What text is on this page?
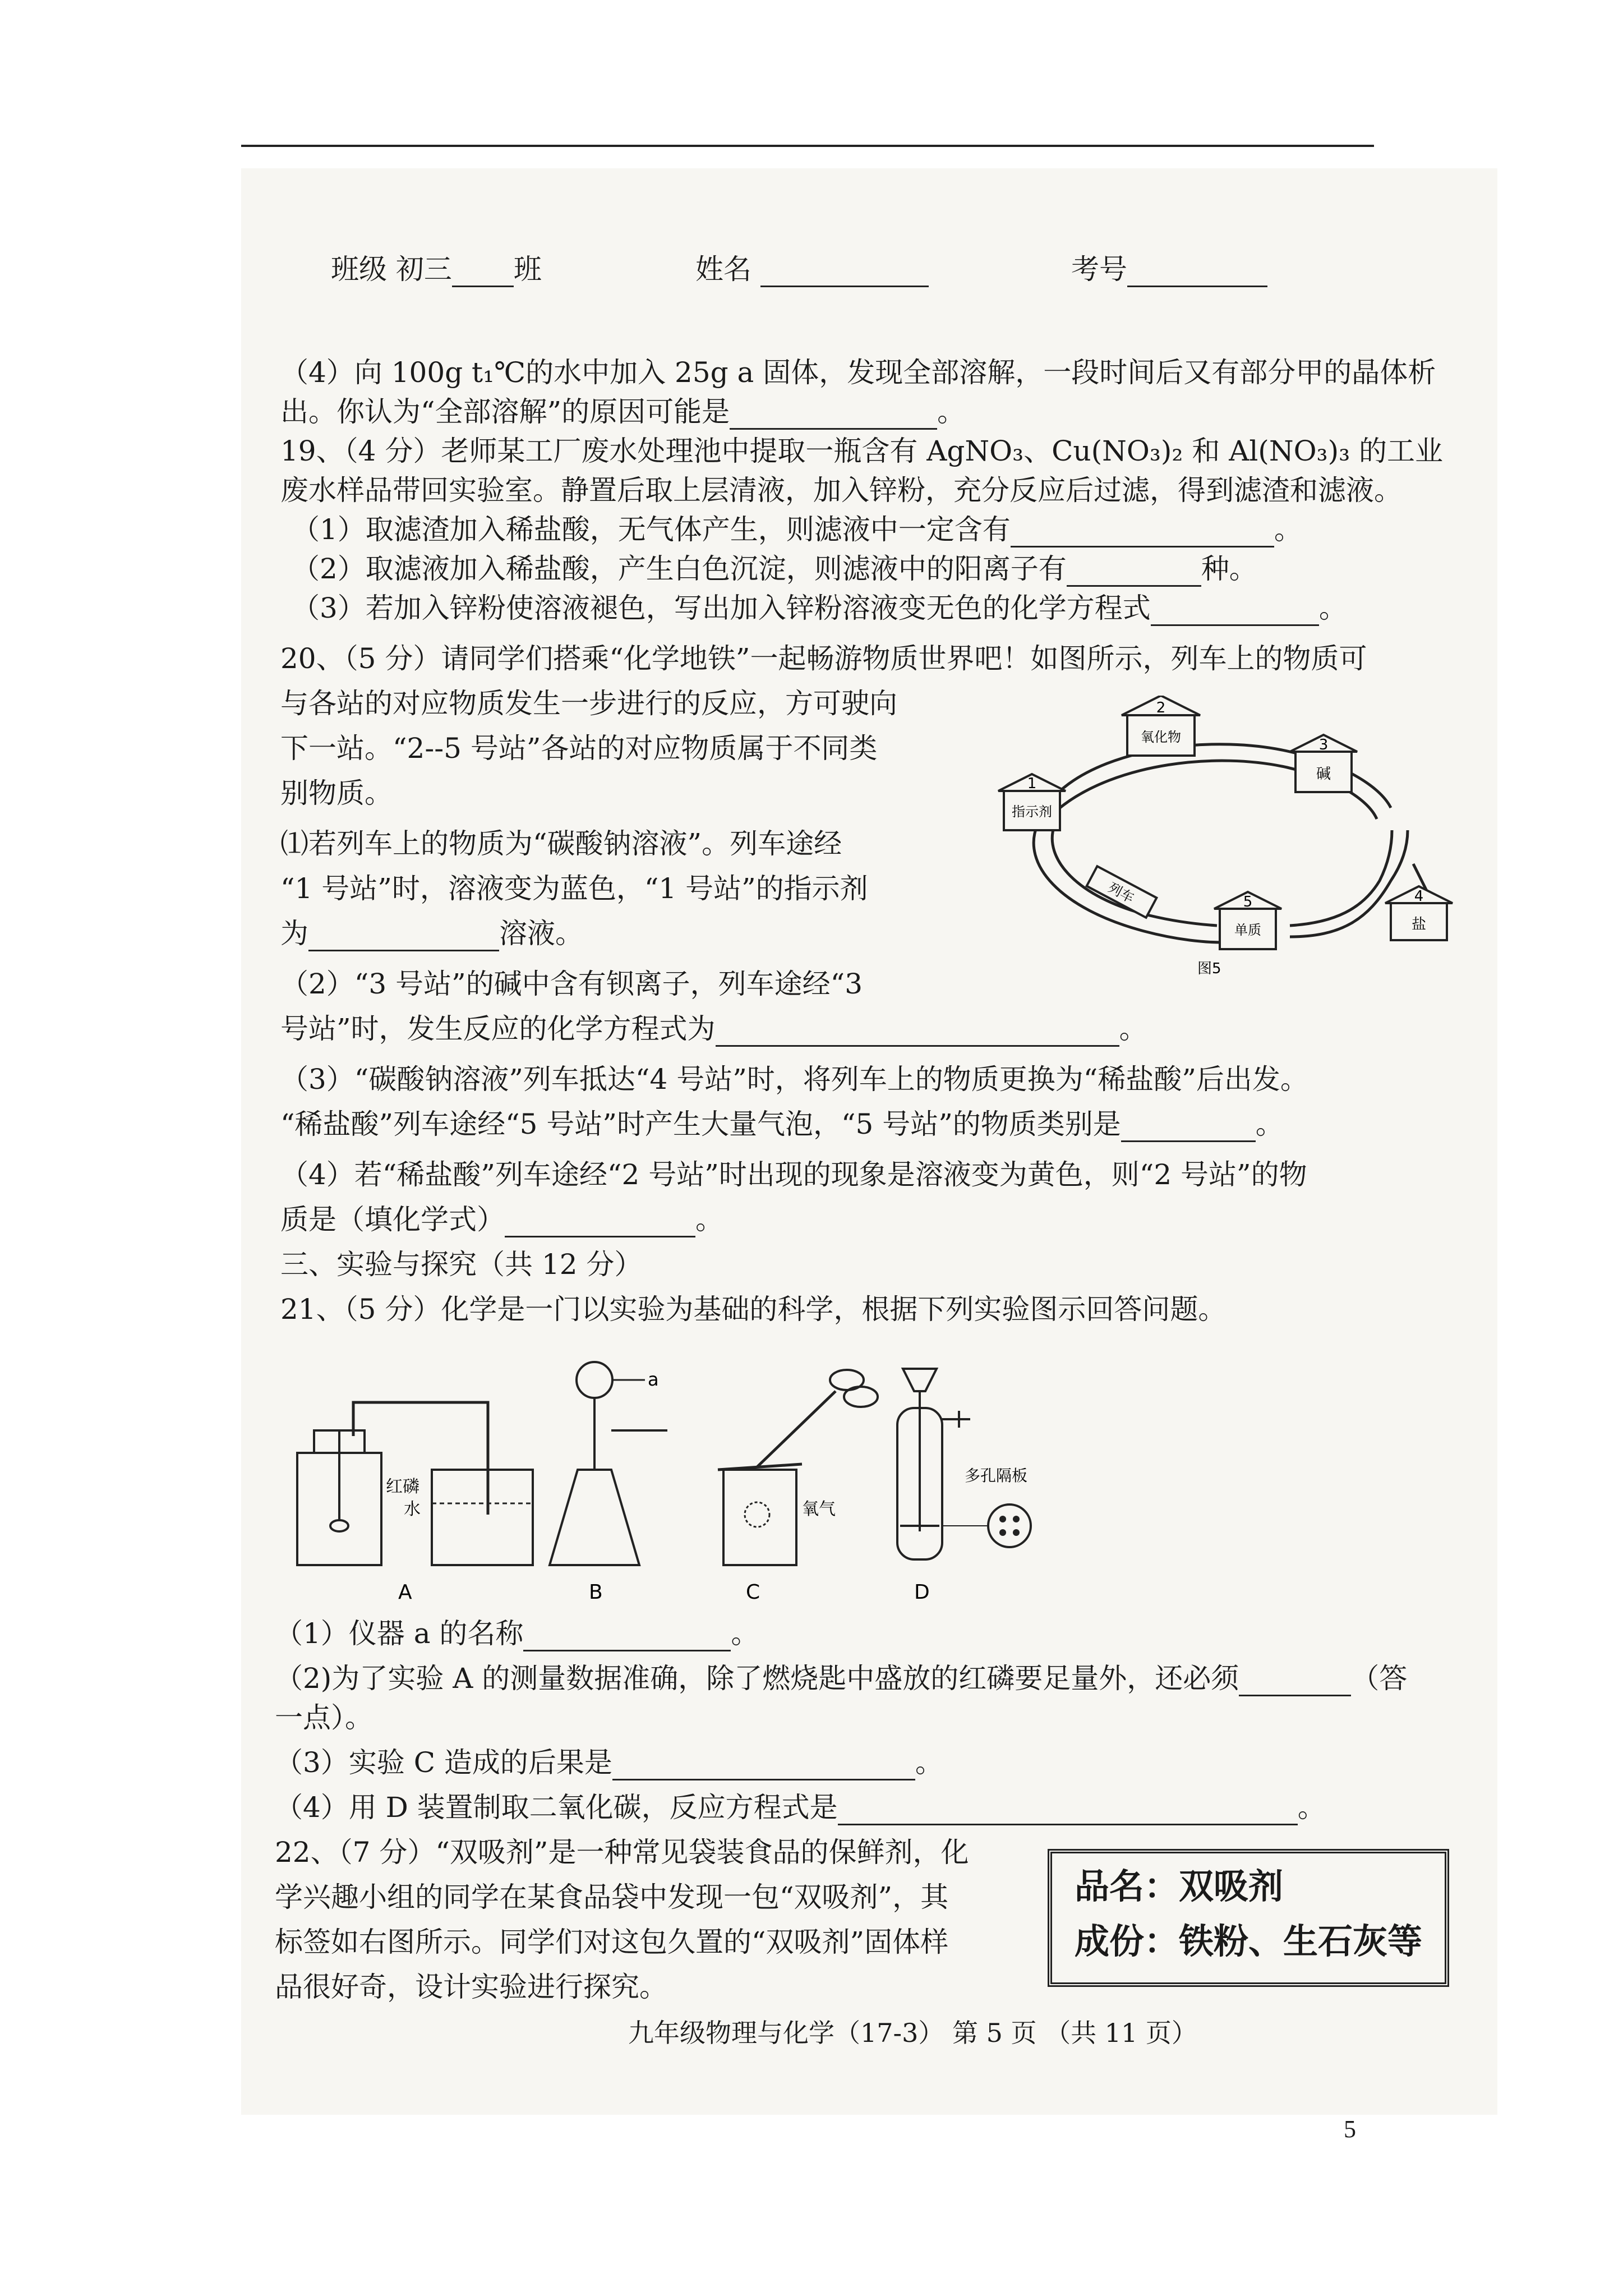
班级 初三 班	姓名	考号
（4）向 100g t₁℃的水中加入 25g a 固体，发现全部溶解，一段时间后又有部分甲的晶体析
出。你认为“全部溶解”的原因可能是	。
19、（4 分）老师某工厂废水处理池中提取一瓶含有 AgNO₃、Cu(NO₃)₂ 和 Al(NO₃)₃ 的工业
废水样品带回实验室。静置后取上层清液，加入锌粉，充分反应后过滤，得到滤渣和滤液。
（1）取滤渣加入稀盐酸，无气体产生，则滤液中一定含有	。
（2）取滤液加入稀盐酸，产生白色沉淀，则滤液中的阳离子有	种。
（3）若加入锌粉使溶液褪色，写出加入锌粉溶液变无色的化学方程式	。
20、（5 分）请同学们搭乘“化学地铁”一起畅游物质世界吧！如图所示，列车上的物质可
与各站的对应物质发生一步进行的反应，方可驶向
下一站。“2--5 号站”各站的对应物质属于不同类
别物质。
⑴若列车上的物质为“碳酸钠溶液”。列车途经
“1 号站”时，溶液变为蓝色，“1 号站”的指示剂
为	溶液。
（2）“3 号站”的碱中含有钡离子，列车途经“3
号站”时，发生反应的化学方程式为	。
（3）“碳酸钠溶液”列车抵达“4 号站”时，将列车上的物质更换为“稀盐酸”后出发。
“稀盐酸”列车途经“5 号站”时产生大量气泡，“5 号站”的物质类别是	。
（4）若“稀盐酸”列车途经“2 号站”时出现的现象是溶液变为黄色，则“2 号站”的物
质是（填化学式）	。
1
指示剂
2
氧化物	3
碱
4
盐
5
单质
列车
图5
三、实验与探究（共 12 分）
21、（5 分）化学是一门以实验为基础的科学，根据下列实验图示回答问题。
红磷
水
A
a
B
氧气
C
多孔隔板
D
（1）仪器 a 的名称	。
（2)为了实验 A 的测量数据准确，除了燃烧匙中盛放的红磷要足量外，还必须	（答
一点）。
（3）实验 C 造成的后果是	。
（4）用 D 装置制取二氧化碳，反应方程式是	。
22、（7 分）“双吸剂”是一种常见袋装食品的保鲜剂，化
学兴趣小组的同学在某食品袋中发现一包“双吸剂”，其
标签如右图所示。同学们对这包久置的“双吸剂”固体样
品很好奇，设计实验进行探究。
品名：双吸剂
成份：铁粉、生石灰等
九年级物理与化学（17-3） 第 5 页 （共 11 页）
5
